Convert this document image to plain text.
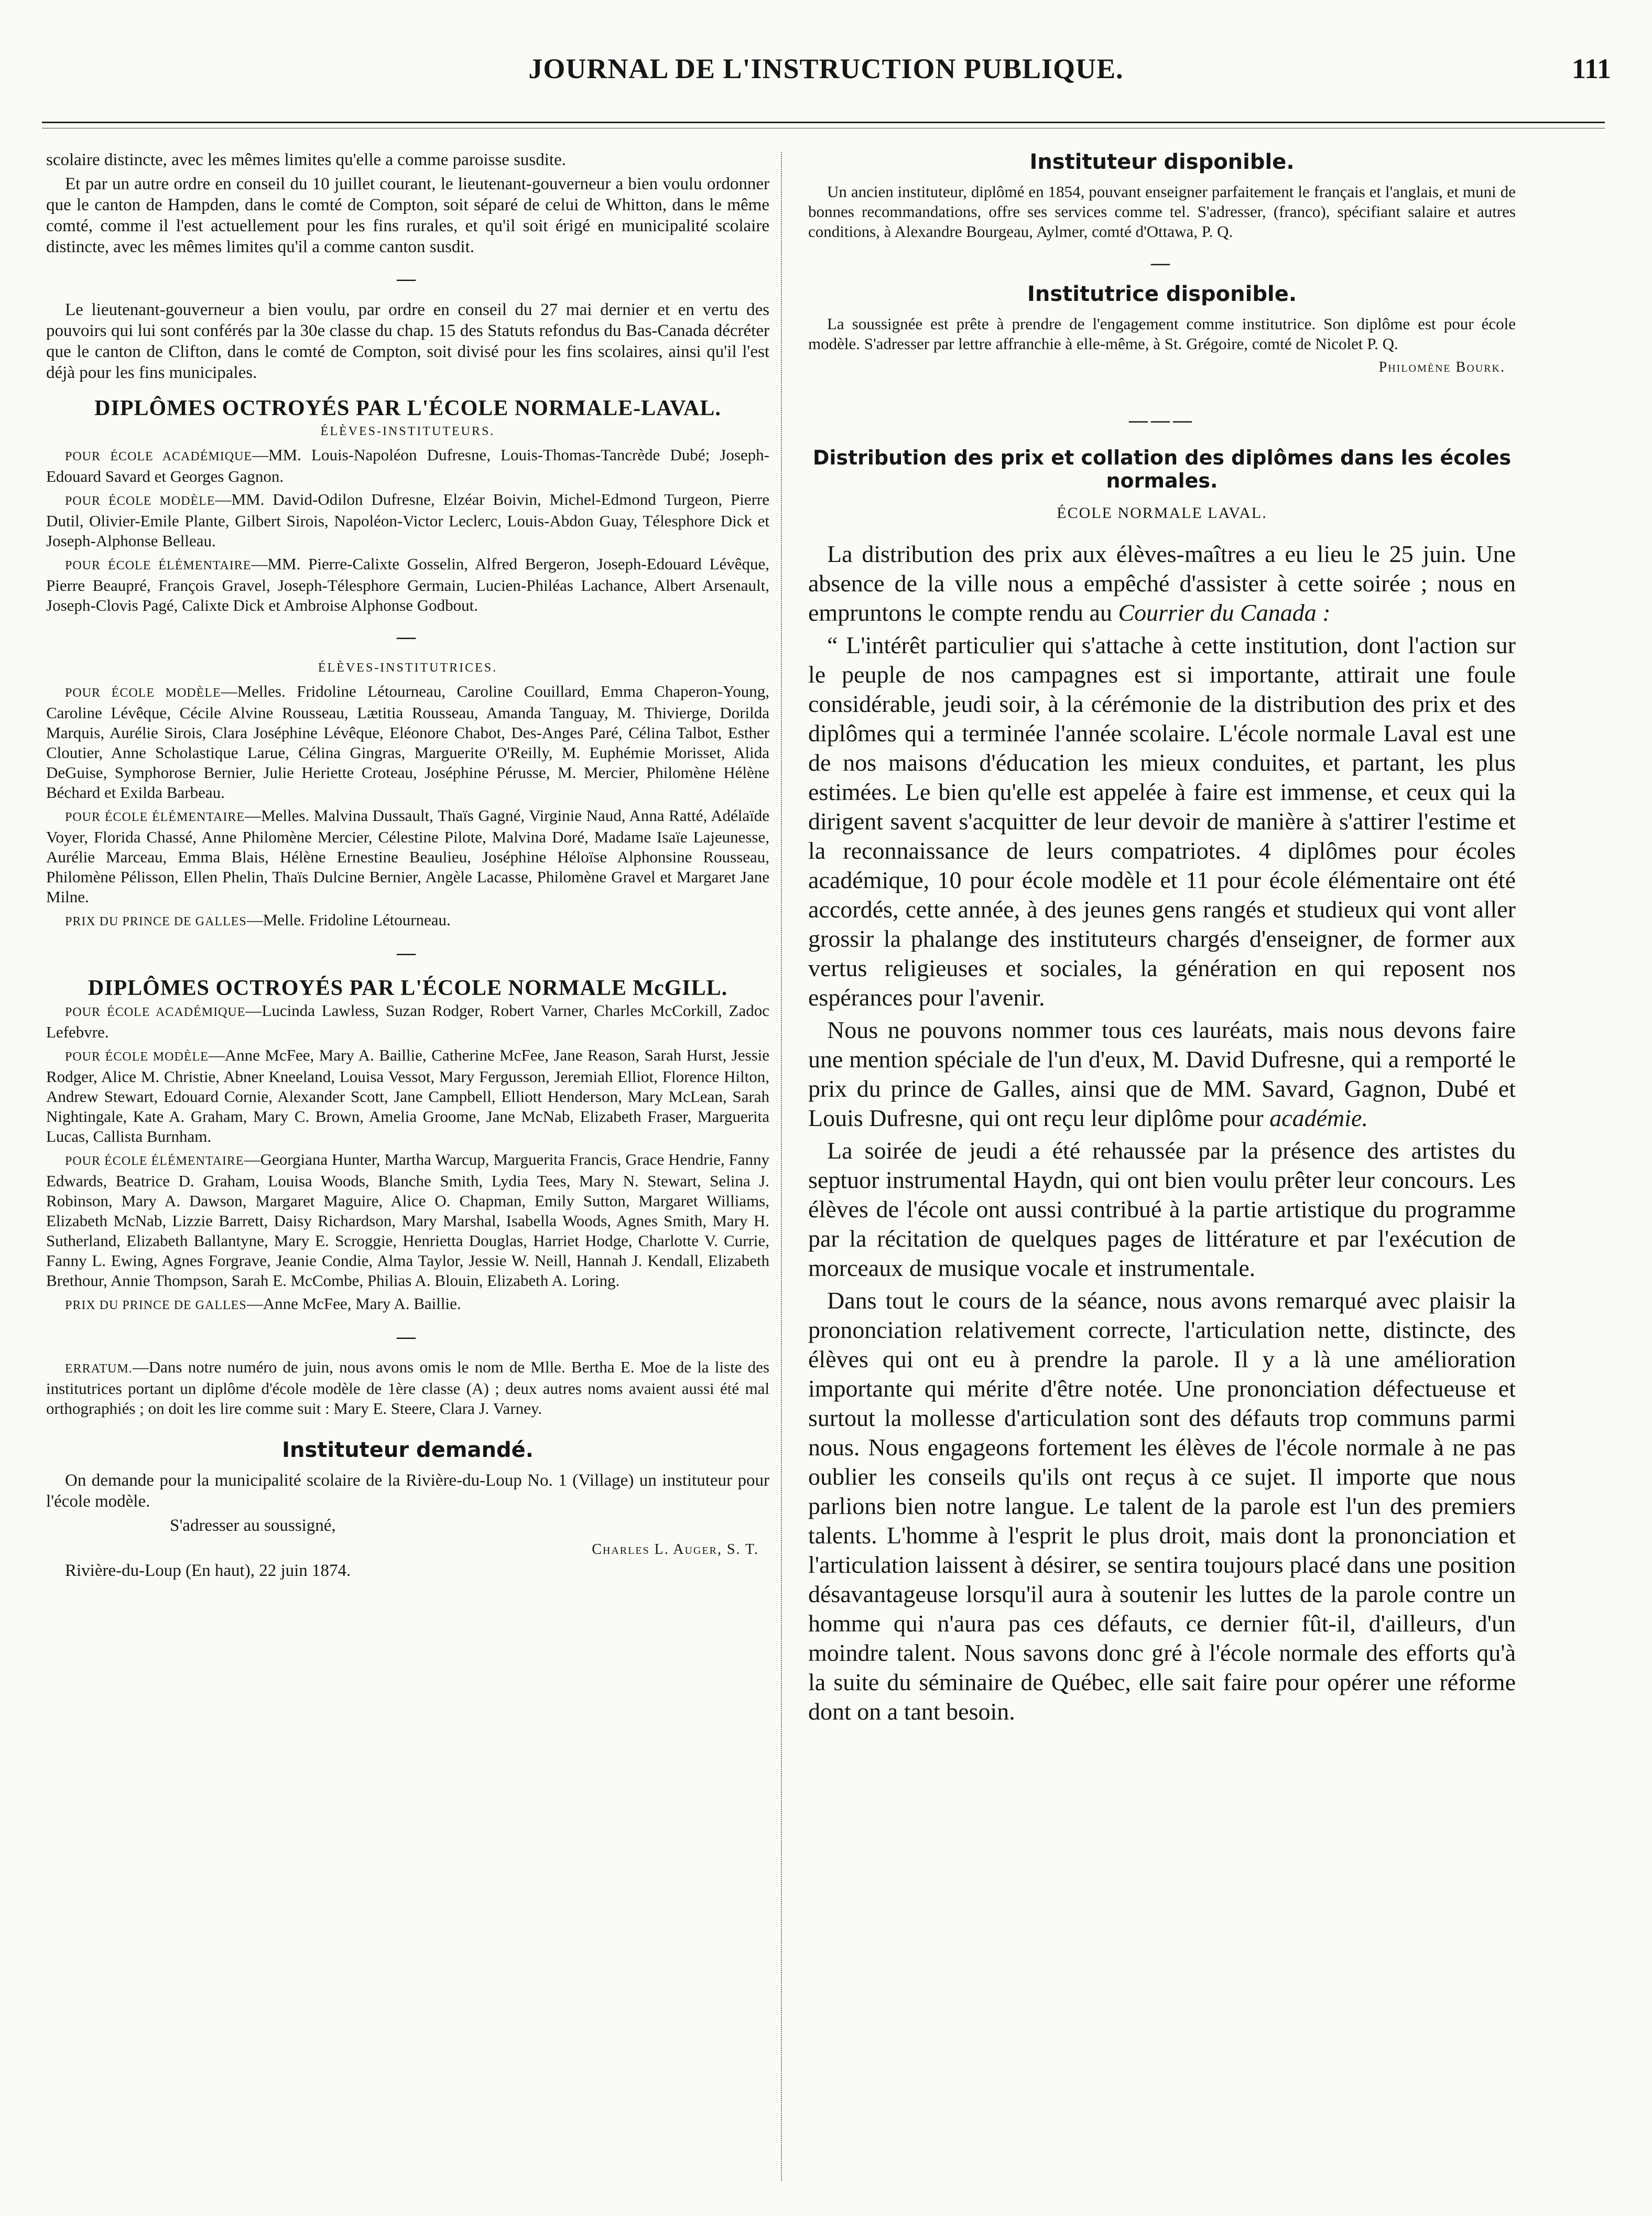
JOURNAL DE L'INSTRUCTION PUBLIQUE.	111

scolaire distincte, avec les mêmes limites qu'elle a comme paroisse susdite.

Et par un autre ordre en conseil du 10 juillet courant, le lieutenant-gouverneur a bien voulu ordonner que le canton de Hampden, dans le comté de Compton, soit séparé de celui de Whitton, dans le même comté, comme il l'est actuellement pour les fins rurales, et qu'il soit érigé en municipalité scolaire distincte, avec les mêmes limites qu'il a comme canton susdit.

—

Le lieutenant-gouverneur a bien voulu, par ordre en conseil du 27 mai dernier et en vertu des pouvoirs qui lui sont conférés par la 30e classe du chap. 15 des Statuts refondus du Bas-Canada décréter que le canton de Clifton, dans le comté de Compton, soit divisé pour les fins scolaires, ainsi qu'il l'est déjà pour les fins municipales.

DIPLÔMES OCTROYÉS PAR L'ÉCOLE NORMALE-LAVAL.
ÉLÈVES-INSTITUTEURS.

POUR ÉCOLE ACADÉMIQUE—MM. Louis-Napoléon Dufresne, Louis-Thomas-Tancrède Dubé; Joseph-Edouard Savard et Georges Gagnon.

POUR ÉCOLE MODÈLE—MM. David-Odilon Dufresne, Elzéar Boivin, Michel-Edmond Turgeon, Pierre Dutil, Olivier-Emile Plante, Gilbert Sirois, Napoléon-Victor Leclerc, Louis-Abdon Guay, Télesphore Dick et Joseph-Alphonse Belleau.

POUR ÉCOLE ÉLÉMENTAIRE—MM. Pierre-Calixte Gosselin, Alfred Bergeron, Joseph-Edouard Lévêque, Pierre Beaupré, François Gravel, Joseph-Télesphore Germain, Lucien-Philéas Lachance, Albert Arsenault, Joseph-Clovis Pagé, Calixte Dick et Ambroise Alphonse Godbout.

—
ÉLÈVES-INSTITUTRICES.

POUR ÉCOLE MODÈLE—Melles. Fridoline Létourneau, Caroline Couillard, Emma Chaperon-Young, Caroline Lévêque, Cécile Alvine Rousseau, Lætitia Rousseau, Amanda Tanguay, M. Thivierge, Dorilda Marquis, Aurélie Sirois, Clara Joséphine Lévêque, Eléonore Chabot, Des-Anges Paré, Célina Talbot, Esther Cloutier, Anne Scholastique Larue, Célina Gingras, Marguerite O'Reilly, M. Euphémie Morisset, Alida DeGuise, Symphorose Bernier, Julie Heriette Croteau, Joséphine Pérusse, M. Mercier, Philomène Hélène Béchard et Exilda Barbeau.

POUR ÉCOLE ÉLÉMENTAIRE—Melles. Malvina Dussault, Thaïs Gagné, Virginie Naud, Anna Ratté, Adélaïde Voyer, Florida Chassé, Anne Philomène Mercier, Célestine Pilote, Malvina Doré, Madame Isaïe Lajeunesse, Aurélie Marceau, Emma Blais, Hélène Ernestine Beaulieu, Joséphine Héloïse Alphonsine Rousseau, Philomène Pélisson, Ellen Phelin, Thaïs Dulcine Bernier, Angèle Lacasse, Philomène Gravel et Margaret Jane Milne.

PRIX DU PRINCE DE GALLES—Melle. Fridoline Létourneau.

—
DIPLÔMES OCTROYÉS PAR L'ÉCOLE NORMALE McGILL.

POUR ÉCOLE ACADÉMIQUE—Lucinda Lawless, Suzan Rodger, Robert Varner, Charles McCorkill, Zadoc Lefebvre.

POUR ÉCOLE MODÈLE—Anne McFee, Mary A. Baillie, Catherine McFee, Jane Reason, Sarah Hurst, Jessie Rodger, Alice M. Christie, Abner Kneeland, Louisa Vessot, Mary Fergusson, Jeremiah Elliot, Florence Hilton, Andrew Stewart, Edouard Cornie, Alexander Scott, Jane Campbell, Elliott Henderson, Mary McLean, Sarah Nightingale, Kate A. Graham, Mary C. Brown, Amelia Groome, Jane McNab, Elizabeth Fraser, Marguerita Lucas, Callista Burnham.

POUR ÉCOLE ÉLÉMENTAIRE—Georgiana Hunter, Martha Warcup, Marguerita Francis, Grace Hendrie, Fanny Edwards, Beatrice D. Graham, Louisa Woods, Blanche Smith, Lydia Tees, Mary N. Stewart, Selina J. Robinson, Mary A. Dawson, Margaret Maguire, Alice O. Chapman, Emily Sutton, Margaret Williams, Elizabeth McNab, Lizzie Barrett, Daisy Richardson, Mary Marshal, Isabella Woods, Agnes Smith, Mary H. Sutherland, Elizabeth Ballantyne, Mary E. Scroggie, Henrietta Douglas, Harriet Hodge, Charlotte V. Currie, Fanny L. Ewing, Agnes Forgrave, Jeanie Condie, Alma Taylor, Jessie W. Neill, Hannah J. Kendall, Elizabeth Brethour, Annie Thompson, Sarah E. McCombe, Philias A. Blouin, Elizabeth A. Loring.

PRIX DU PRINCE DE GALLES—Anne McFee, Mary A. Baillie.

—

ERRATUM.—Dans notre numéro de juin, nous avons omis le nom de Mlle. Bertha E. Moe de la liste des institutrices portant un diplôme d'école modèle de 1ère classe (A) ; deux autres noms avaient aussi été mal orthographiés ; on doit les lire comme suit : Mary E. Steere, Clara J. Varney.

Instituteur demandé.

On demande pour la municipalité scolaire de la Rivière-du-Loup No. 1 (Village) un instituteur pour l'école modèle.

S'adresser au soussigné,

Charles L. Auger, S. T.

Rivière-du-Loup (En haut), 22 juin 1874.

Instituteur disponible.

Un ancien instituteur, diplômé en 1854, pouvant enseigner parfaitement le français et l'anglais, et muni de bonnes recommandations, offre ses services comme tel. S'adresser, (franco), spécifiant salaire et autres conditions, à Alexandre Bourgeau, Aylmer, comté d'Ottawa, P. Q.

—
Institutrice disponible.

La soussignée est prête à prendre de l'engagement comme institutrice. Son diplôme est pour école modèle. S'adresser par lettre affranchie à elle-même, à St. Grégoire, comté de Nicolet P. Q.

Philomène Bourk.
———
Distribution des prix et collation des diplômes dans les écoles normales.
ÉCOLE NORMALE LAVAL.

La distribution des prix aux élèves-maîtres a eu lieu le 25 juin. Une absence de la ville nous a empêché d'assister à cette soirée ; nous en empruntons le compte rendu au Courrier du Canada :

“ L'intérêt particulier qui s'attache à cette institution, dont l'action sur le peuple de nos campagnes est si importante, attirait une foule considérable, jeudi soir, à la cérémonie de la distribution des prix et des diplômes qui a terminée l'année scolaire. L'école normale Laval est une de nos maisons d'éducation les mieux conduites, et partant, les plus estimées. Le bien qu'elle est appelée à faire est immense, et ceux qui la dirigent savent s'acquitter de leur devoir de manière à s'attirer l'estime et la reconnaissance de leurs compatriotes. 4 diplômes pour écoles académique, 10 pour école modèle et 11 pour école élémentaire ont été accordés, cette année, à des jeunes gens rangés et studieux qui vont aller grossir la phalange des instituteurs chargés d'enseigner, de former aux vertus religieuses et sociales, la génération en qui reposent nos espérances pour l'avenir.

Nous ne pouvons nommer tous ces lauréats, mais nous devons faire une mention spéciale de l'un d'eux, M. David Dufresne, qui a remporté le prix du prince de Galles, ainsi que de MM. Savard, Gagnon, Dubé et Louis Dufresne, qui ont reçu leur diplôme pour académie.

La soirée de jeudi a été rehaussée par la présence des artistes du septuor instrumental Haydn, qui ont bien voulu prêter leur concours. Les élèves de l'école ont aussi contribué à la partie artistique du programme par la récitation de quelques pages de littérature et par l'exécution de morceaux de musique vocale et instrumentale.

Dans tout le cours de la séance, nous avons remarqué avec plaisir la prononciation relativement correcte, l'articulation nette, distincte, des élèves qui ont eu à prendre la parole. Il y a là une amélioration importante qui mérite d'être notée. Une prononciation défectueuse et surtout la mollesse d'articulation sont des défauts trop communs parmi nous. Nous engageons fortement les élèves de l'école normale à ne pas oublier les conseils qu'ils ont reçus à ce sujet. Il importe que nous parlions bien notre langue. Le talent de la parole est l'un des premiers talents. L'homme à l'esprit le plus droit, mais dont la prononciation et l'articulation laissent à désirer, se sentira toujours placé dans une position désavantageuse lorsqu'il aura à soutenir les luttes de la parole contre un homme qui n'aura pas ces défauts, ce dernier fût-il, d'ailleurs, d'un moindre talent. Nous savons donc gré à l'école normale des efforts qu'à la suite du séminaire de Québec, elle sait faire pour opérer une réforme dont on a tant besoin.
